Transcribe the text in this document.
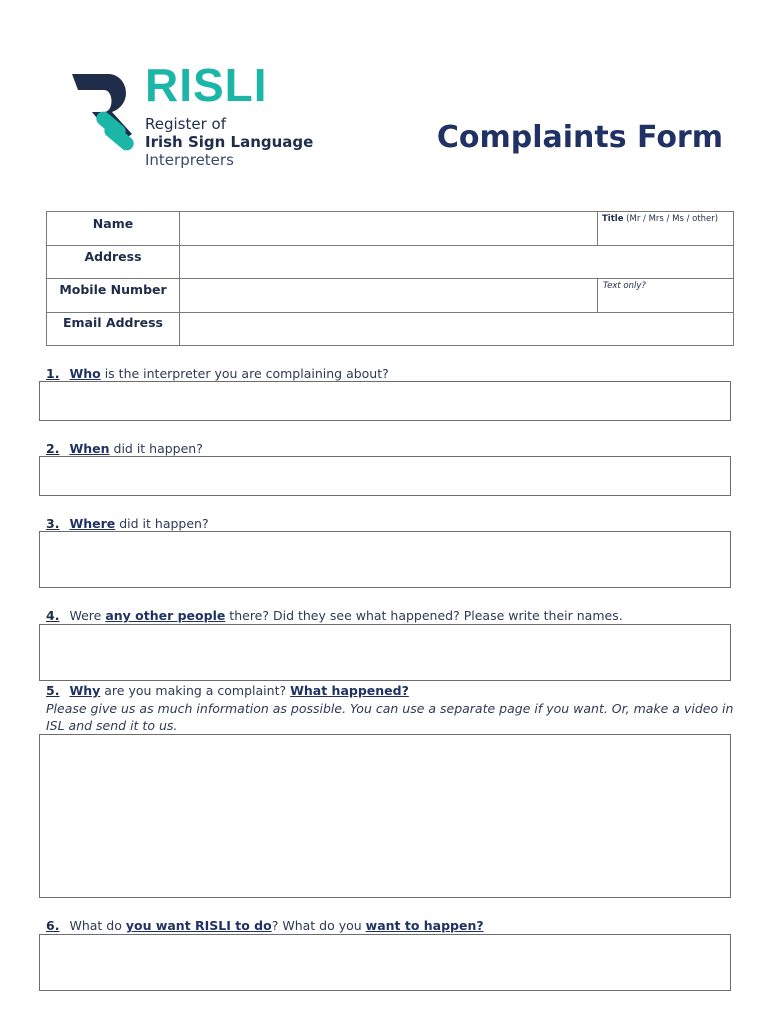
RISLI
Register of
Irish Sign Language
Interpreters
Complaints Form
Name	Title (Mr / Mrs / Ms / other)
Address
Mobile Number	Text only?
Email Address
1. Who is the interpreter you are complaining about?
2. When did it happen?
3. Where did it happen?
4. Were any other people there? Did they see what happened? Please write their names.
5. Why are you making a complaint? What happened?
Please give us as much information as possible. You can use a separate page if you want. Or, make a video in ISL and send it to us.
6. What do you want RISLI to do? What do you want to happen?
